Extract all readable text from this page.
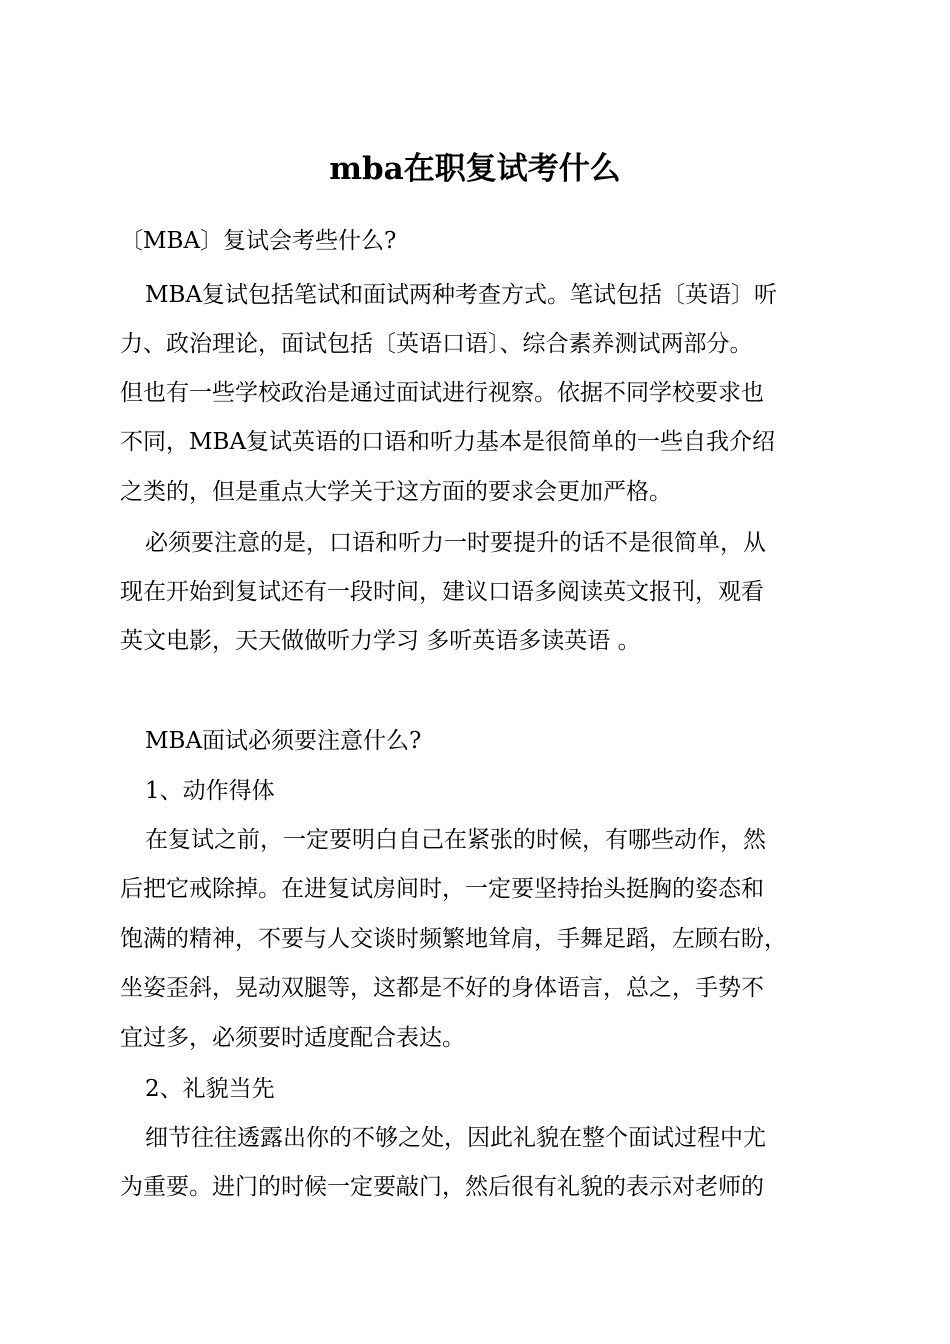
mba在职复试考什么

〔MBA〕复试会考些什么?

MBA复试包括笔试和面试两种考查方式。笔试包括〔英语〕听

力、政治理论，面试包括〔英语口语〕、综合素养测试两部分。

但也有一些学校政治是通过面试进行视察。依据不同学校要求也

不同，MBA复试英语的口语和听力基本是很简单的一些自我介绍

之类的，但是重点大学关于这方面的要求会更加严格。

必须要注意的是，口语和听力一时要提升的话不是很简单，从

现在开始到复试还有一段时间，建议口语多阅读英文报刊，观看

英文电影，天天做做听力学习 多听英语多读英语 。

MBA面试必须要注意什么?

1、动作得体

在复试之前，一定要明白自己在紧张的时候，有哪些动作，然

后把它戒除掉。在进复试房间时，一定要坚持抬头挺胸的姿态和

饱满的精神，不要与人交谈时频繁地耸肩，手舞足蹈，左顾右盼，

坐姿歪斜，晃动双腿等，这都是不好的身体语言，总之，手势不

宜过多，必须要时适度配合表达。

2、礼貌当先

细节往往透露出你的不够之处，因此礼貌在整个面试过程中尤

为重要。进门的时候一定要敲门，然后很有礼貌的表示对老师的
